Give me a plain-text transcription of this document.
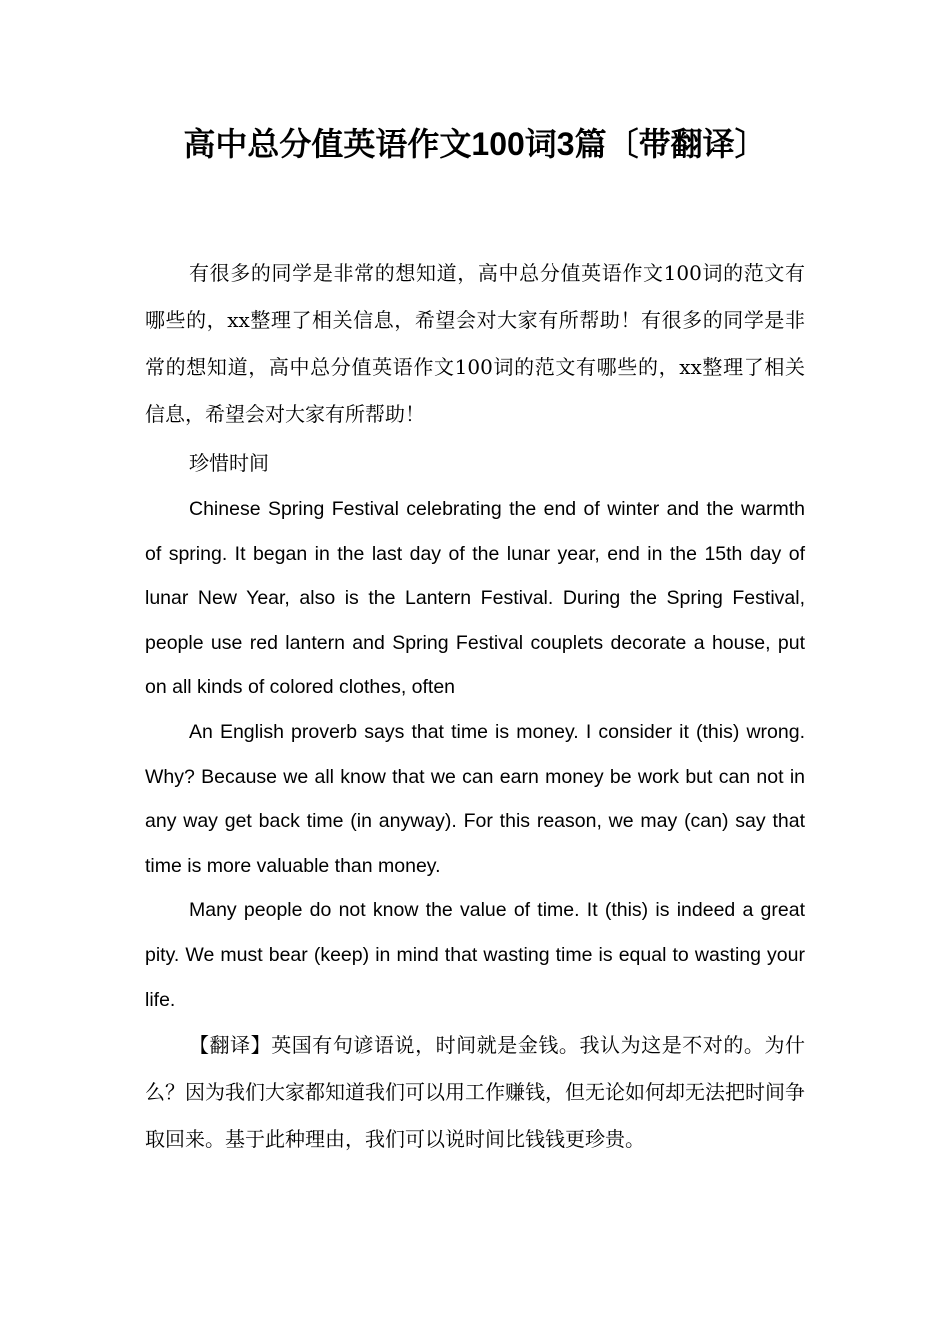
高中总分值英语作文100词3篇〔带翻译〕

有很多的同学是非常的想知道，高中总分值英语作文100词的范文有哪些的，xx整理了相关信息，希望会对大家有所帮助！有很多的同学是非常的想知道，高中总分值英语作文100词的范文有哪些的，xx整理了相关信息，希望会对大家有所帮助！

珍惜时间

Chinese Spring Festival celebrating the end of winter and the warmth of spring. It began in the last day of the lunar year, end in the 15th day of lunar New Year, also is the Lantern Festival. During the Spring Festival, people use red lantern and Spring Festival couplets decorate a house, put on all kinds of colored clothes, often

An English proverb says that time is money. I consider it (this) wrong. Why? Because we all know that we can earn money be work but can not in any way get back time (in anyway). For this reason, we may (can) say that time is more valuable than money.

Many people do not know the value of time. It (this) is indeed a great pity. We must bear (keep) in mind that wasting time is equal to wasting your life.

【翻译】英国有句谚语说，时间就是金钱。我认为这是不对的。为什么？因为我们大家都知道我们可以用工作赚钱，但无论如何却无法把时间争取回来。基于此种理由，我们可以说时间比钱钱更珍贵。
